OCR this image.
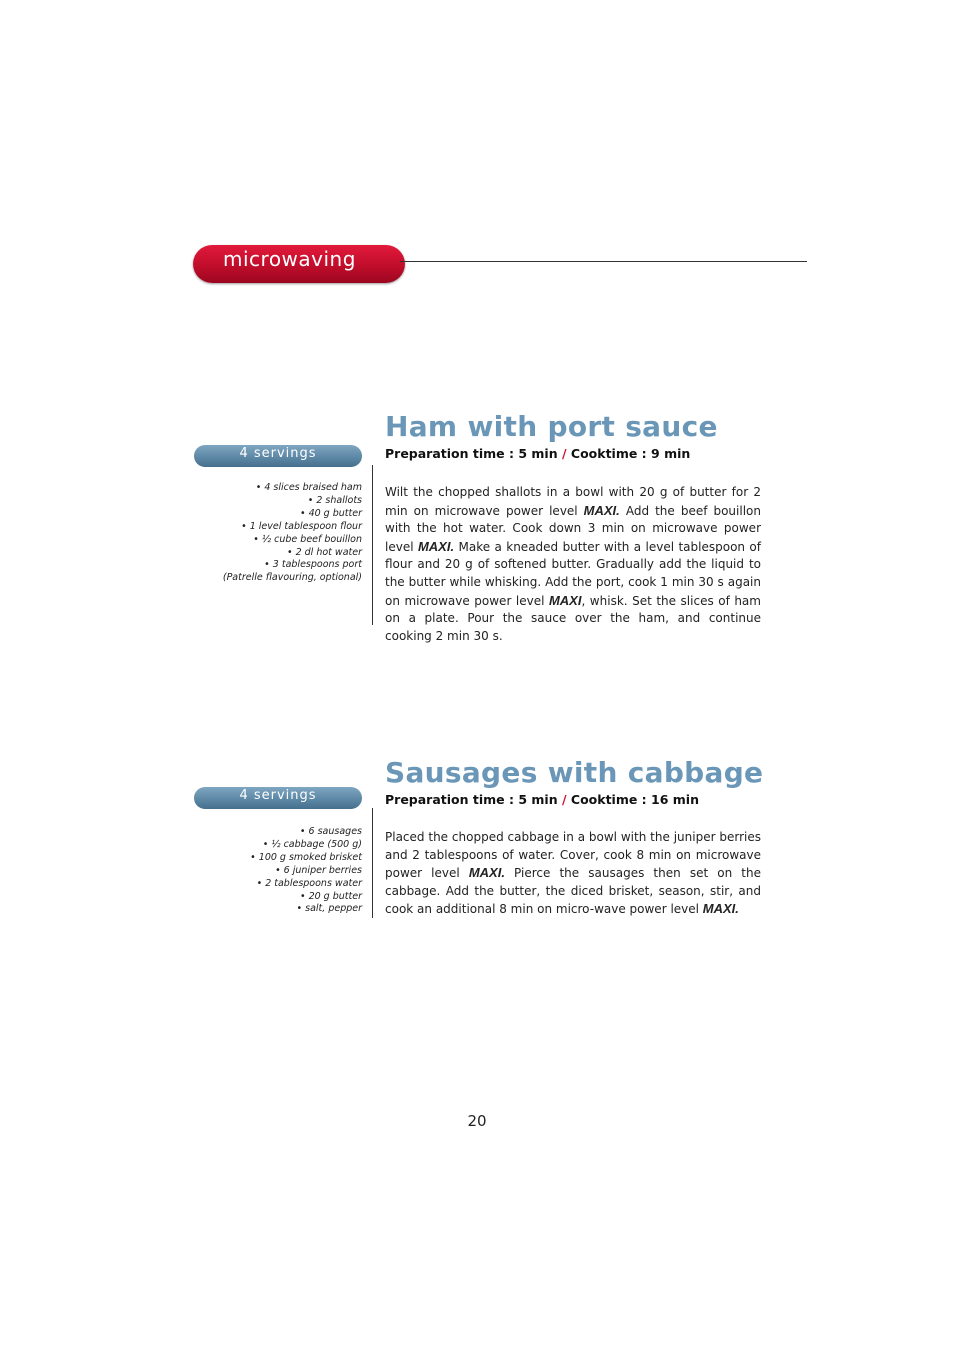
microwaving
4 servings
• 4 slices braised ham
• 2 shallots
• 40 g butter
• 1 level tablespoon flour
• ½ cube beef bouillon
• 2 dl hot water
• 3 tablespoons port
(Patrelle flavouring, optional)
Ham with port sauce

Preparation time : 5 min / Cooktime : 9 min

Wilt the chopped shallots in a bowl with 20 g of butter for 2 min on microwave power level MAXI. Add the beef bouillon with the hot water. Cook down 3 min on microwave power level MAXI. Make a kneaded butter with a level tablespoon of flour and 20 g of softened butter. Gradually add the liquid to the butter while whisking. Add the port, cook 1 min 30 s again on microwave power level MAXI, whisk. Set the slices of ham on a plate. Pour the sauce over the ham, and continue cooking 2 min 30 s.

4 servings
• 6 sausages
• ½ cabbage (500 g)
• 100 g smoked brisket
• 6 juniper berries
• 2 tablespoons water
• 20 g butter
• salt, pepper
Sausages with cabbage

Preparation time : 5 min / Cooktime : 16 min

Placed the chopped cabbage in a bowl with the juniper berries and 2 tablespoons of water. Cover, cook 8 min on microwave power level MAXI. Pierce the sausages then set on the cabbage. Add the butter, the diced brisket, season, stir, and cook an additional 8 min on micro-wave power level MAXI.

20
